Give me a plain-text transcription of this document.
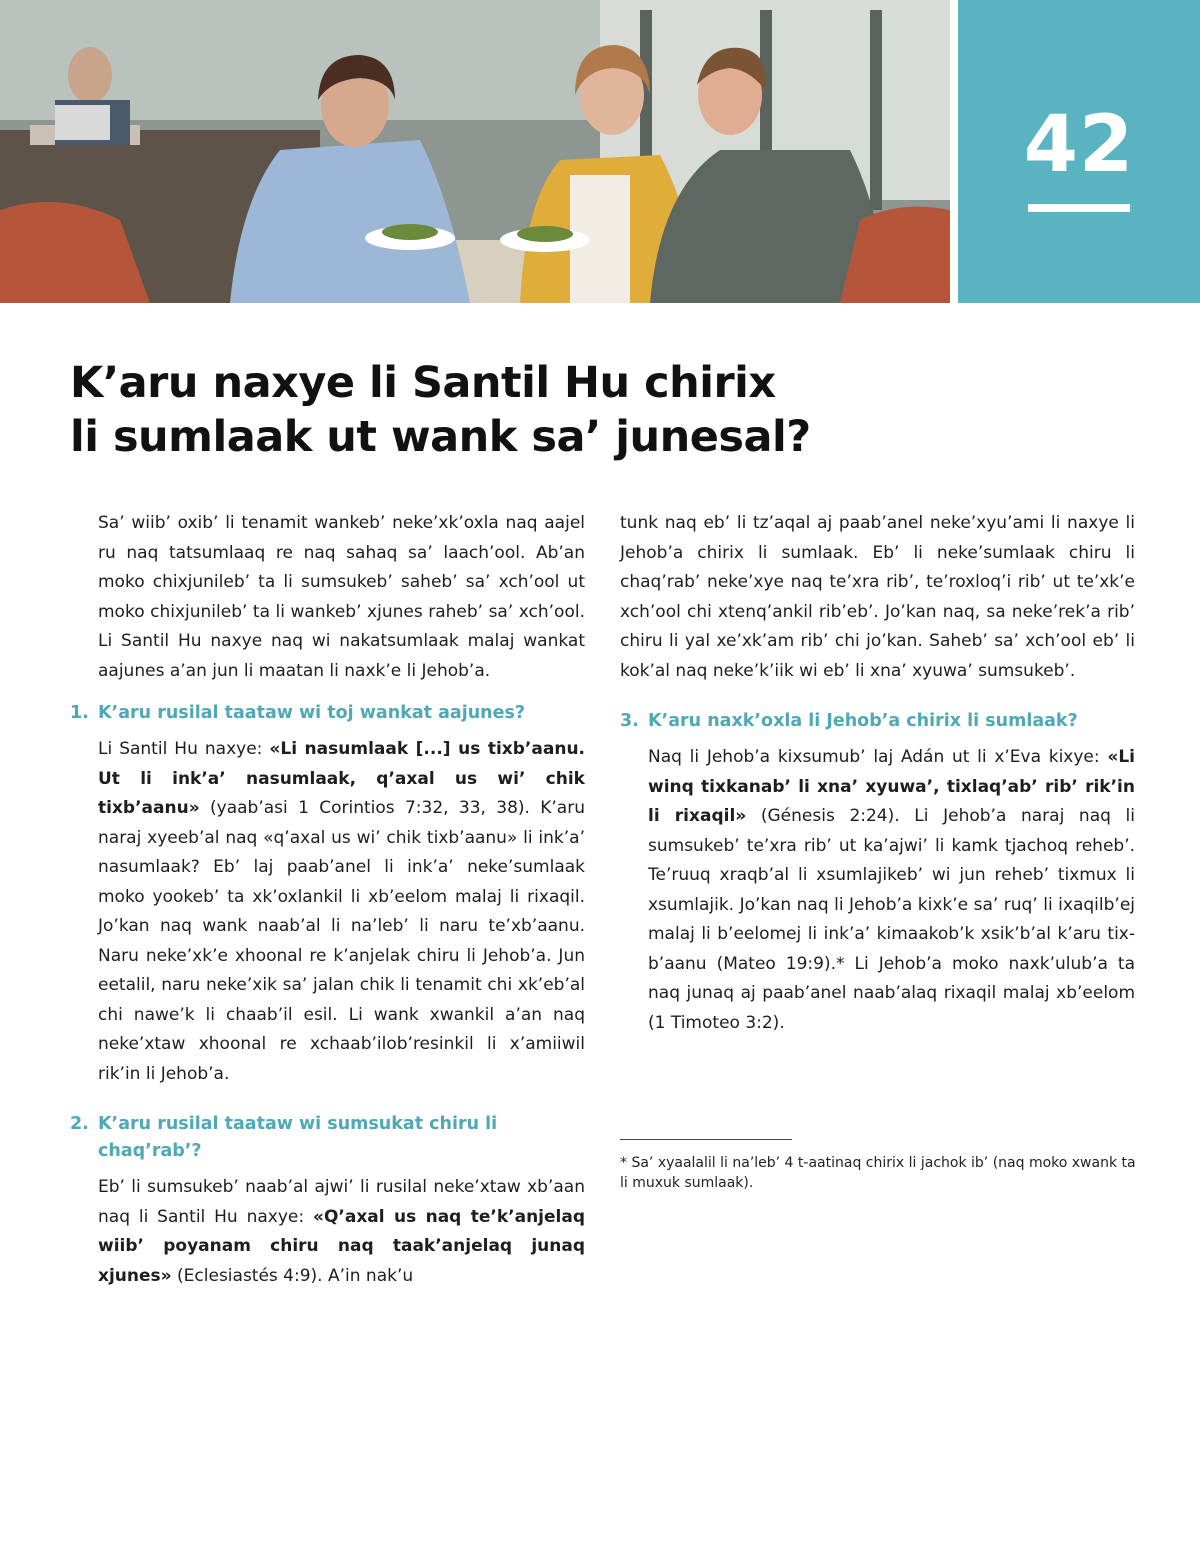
42
K’aru naxye li Santil Hu chirix
li sumlaak ut wank sa’ junesal?

Sa’ wiib’ oxib’ li tenamit wankeb’ neke’xk’oxla naq aajel ru naq tatsumlaaq re naq sahaq sa’ laach’ool. Ab’an moko chixjunileb’ ta li sumsukeb’ saheb’ sa’ xch’ool ut moko chixjunileb’ ta li wankeb’ xjunes raheb’ sa’ xch’ool. Li Santil Hu naxye naq wi nakatsumlaak malaj wankat aajunes a’an jun li maatan li naxk’e li Jehob’a.

1. K’aru rusilal taataw wi toj wankat aajunes?

Li Santil Hu naxye: «Li nasumlaak [...] us tixb’aanu. Ut li ink’a’ nasumlaak, q’axal us wi’ chik tixb’aanu» (yaab’asi 1 Corintios 7:32, 33, 38). K’aru naraj xyeeb’al naq «q’axal us wi’ chik tixb’aanu» li ink’a’ nasumlaak? Eb’ laj paab’anel li ink’a’ neke’sumlaak moko yookeb’ ta xk’oxlankil li xb’eelom malaj li rixaqil. Jo’kan naq wank naab’al li na’leb’ li naru te’xb’aanu. Naru neke’xk’e xhoonal re k’anjelak chiru li Jehob’a. Jun eetalil, naru neke’xik sa’ jalan chik li tenamit chi xk’eb’al chi nawe’k li chaab’il esil. Li wank xwankil a’an naq neke’xtaw xhoonal re xchaab’ilob’resinkil li x’amiiwil rik’in li Jehob’a.

2. K’aru rusilal taataw wi sumsukat chiru li chaq’rab’?

Eb’ li sumsukeb’ naab’al ajwi’ li rusilal neke’xtaw xb’aan naq li Santil Hu naxye: «Q’axal us naq te’k’anjelaq wiib’ poyanam chiru naq taak’anjelaq junaq xjunes» (Eclesiastés 4:9). A’in nak’u

tunk naq eb’ li tz’aqal aj paab’anel neke’xyu’ami li naxye li Jehob’a chirix li sumlaak. Eb’ li neke’sumlaak chiru li chaq’rab’ neke’xye naq te’xra rib’, te’roxloq’i rib’ ut te’xk’e xch’ool chi xtenq’ankil rib’eb’. Jo’kan naq, sa neke’rek’a rib’ chiru li yal xe’xk’am rib’ chi jo’kan. Saheb’ sa’ xch’ool eb’ li kok’al naq neke’k’iik wi eb’ li xna’ xyuwa’ sumsukeb’.

3. K’aru naxk’oxla li Jehob’a chirix li sumlaak?

Naq li Jehob’a kixsumub’ laj Adán ut li x’Eva kixye: «Li winq tixkanab’ li xna’ xyuwa’, tixlaq’ab’ rib’ rik’in li rixaqil» (Génesis 2:24). Li Jehob’a naraj naq li sumsukeb’ te’xra rib’ ut ka’ajwi’ li kamk tjachoq reheb’. Te’ruuq xraqb’al li xsumlajikeb’ wi jun reheb’ tixmux li xsumlajik. Jo’kan naq li Jehob’a kixk’e sa’ ruq’ li ixaqilb’ej malaj li b’eelomej li ink’a’ kimaakob’k xsik’b’al k’aru tixb’aanu (Mateo 19:9).* Li Jehob’a moko naxk’ulub’a ta naq junaq aj paab’anel naab’alaq rixaqil malaj xb’eelom (1 Timoteo 3:2).

* Sa’ xyaalalil li na’leb’ 4 t-aatinaq chirix li jachok ib’ (naq moko xwank ta li muxuk sumlaak).
